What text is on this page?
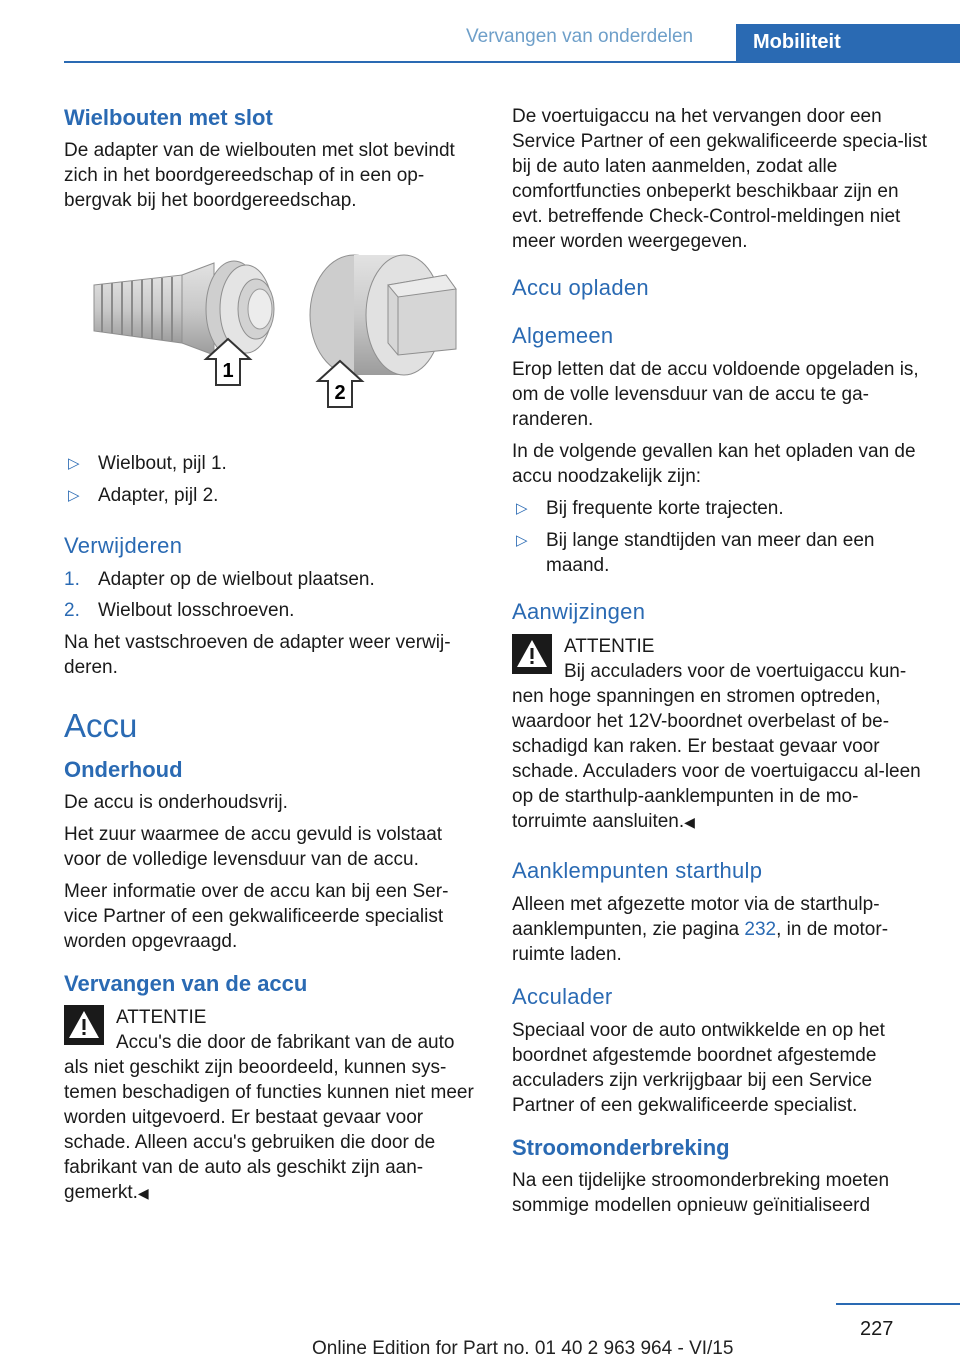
Vervangen van onderdelen	Mobiliteit

Wielbouten met slot

De adapter van de wielbouten met slot bevindt zich in het boordgereedschap of in een op-bergvak bij het boordgereedschap.

1
2
▷ Wielbout, pijl 1.
▷ Adapter, pijl 2.

Verwijderen

1. Adapter op de wielbout plaatsen.
2. Wielbout losschroeven.

Na het vastschroeven de adapter weer verwij-deren.

Accu

Onderhoud

De accu is onderhoudsvrij.

Het zuur waarmee de accu gevuld is volstaat voor de volledige levensduur van de accu.

Meer informatie over de accu kan bij een Ser-vice Partner of een gekwalificeerde specialist worden opgevraagd.

Vervangen van de accu

ATTENTIE
Accu's die door de fabrikant van de auto
als niet geschikt zijn beoordeeld, kunnen sys-temen beschadigen of functies kunnen niet meer worden uitgevoerd. Er bestaat gevaar voor schade. Alleen accu's gebruiken die door de fabrikant van de auto als geschikt zijn aan-gemerkt.◀

De voertuigaccu na het vervangen door een Service Partner of een gekwalificeerde specia-list bij de auto laten aanmelden, zodat alle comfortfuncties onbeperkt beschikbaar zijn en evt. betreffende Check-Control-meldingen niet meer worden weergegeven.

Accu opladen

Algemeen

Erop letten dat de accu voldoende opgeladen is, om de volle levensduur van de accu te ga-randeren.

In de volgende gevallen kan het opladen van de accu noodzakelijk zijn:

▷ Bij frequente korte trajecten.
▷ Bij lange standtijden van meer dan een maand.

Aanwijzingen

ATTENTIE
Bij acculaders voor de voertuigaccu kun-
nen hoge spanningen en stromen optreden, waardoor het 12V-boordnet overbelast of be-schadigd kan raken. Er bestaat gevaar voor schade. Acculaders voor de voertuigaccu al-leen op de starthulp-aanklempunten in de mo-torruimte aansluiten.◀

Aanklempunten starthulp

Alleen met afgezette motor via de starthulp-aanklempunten, zie pagina 232, in de motor-ruimte laden.

Acculader

Speciaal voor de auto ontwikkelde en op het boordnet afgestemde boordnet afgestemde acculaders zijn verkrijgbaar bij een Service Partner of een gekwalificeerde specialist.

Stroomonderbreking

Na een tijdelijke stroomonderbreking moeten sommige modellen opnieuw geïnitialiseerd

227
Online Edition for Part no. 01 40 2 963 964 - VI/15
